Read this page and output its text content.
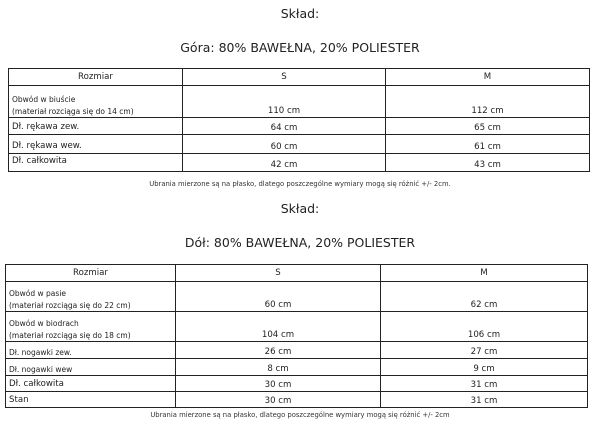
Skład:
Góra: 80% BAWEŁNA, 20% POLIESTER
Rozmiar	S	M

Obwód w biuście
(materiał rozciąga się do 14 cm)	110 cm	112 cm
Dł. rękawa zew.	64 cm	65 cm
Dł. rękawa wew.	60 cm	61 cm
Dł. całkowita	42 cm	43 cm
Ubrania mierzone są na płasko, dlatego poszczególne wymiary mogą się różnić +/- 2cm.
Skład:
Dół: 80% BAWEŁNA, 20% POLIESTER
Rozmiar	S	M

Obwód w pasie
(materiał rozciąga się do 22 cm)	60 cm	62 cm

Obwód w biodrach
(materiał rozciąga się do 18 cm)	104 cm	106 cm
Dł. nogawki zew.	26 cm	27 cm
Dł. nogawki wew	8 cm	9 cm
Dł. całkowita	30 cm	31 cm
Stan	30 cm	31 cm
Ubrania mierzone są na płasko, dlatego poszczególne wymiary mogą się różnić +/- 2cm
